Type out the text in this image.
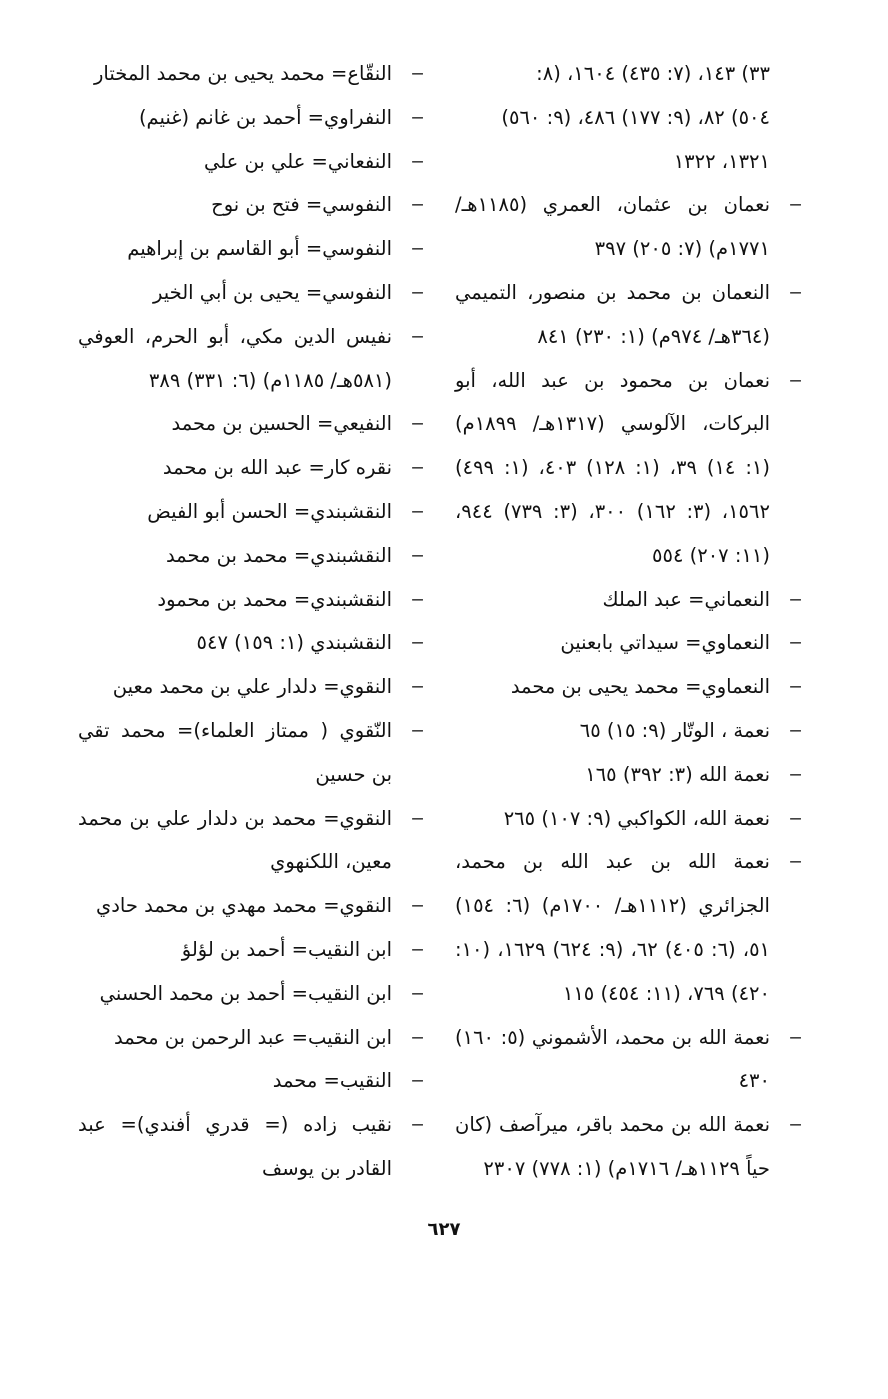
۳۳) ۱٤۳، (۷: ٤۳٥) ۱٦۰٤، (۸:
٥۰٤) ۸۲، (۹: ۱۷۷) ٤۸٦، (۹: ٥٦۰)
۱۳۲۱، ۱۳۲۲

–
نعمان بن عثمان، العمري (۱۱۸٥هـ/ ۱۷۷۱م) (۷: ۲۰٥) ۳۹۷

–
النعمان بن محمد بن منصور، التميمي (۳٦٤هـ/ ۹۷٤م) (۱: ۲۳۰) ۸٤۱

–
نعمان بن محمود بن عبد الله، أبو البركات، الآلوسي (۱۳۱۷هـ/ ۱۸۹۹م) (۱: ۱٤) ۳۹، (۱: ۱۲۸) ٤۰۳، (۱: ٤۹۹) ۱٥٦۲، (۳: ۱٦۲) ۳۰۰، (۳: ۷۳۹) ۹٤٤، (۱۱: ۲۰۷) ٥٥٤

–
النعماني= عبد الملك

–
النعماوي= سيداتي بابعنين

–
النعماوي= محمد يحيى بن محمد

–
نعمة ، الوتّار (۹: ۱٥) ٦٥

–
نعمة الله (۳: ۳۹۲) ۱٦٥

–
نعمة الله، الكواكبي (۹: ۱۰۷) ۲٦٥

–
نعمة الله بن عبد الله بن محمد، الجزائري (۱۱۱۲هـ/ ۱۷۰۰م) (٦: ۱٥٤) ٥۱، (٦: ٤۰٥) ٦۲، (۹: ٦۲٤) ۱٦۲۹، (۱۰: ٤۲۰) ۷٦۹، (۱۱: ٤٥٤) ۱۱٥

–
نعمة الله بن محمد، الأشموني (٥: ۱٦۰) ٤۳۰

–
نعمة الله بن محمد باقر، ميرآصف (كان حياً ۱۱۲۹هـ/ ۱۷۱٦م) (۱: ۷۷۸) ۲۳۰۷

–
النقّاع= محمد يحيى بن محمد المختار

–
النفراوي= أحمد بن غانم (غنيم)

–
النفعاني= علي بن علي

–
النفوسي= فتح بن نوح

–
النفوسي= أبو القاسم بن إبراهيم

–
النفوسي= يحيى بن أبي الخير

–
نفيس الدين مكي، أبو الحرم، العوفي (٥۸۱هـ/ ۱۱۸٥م) (٦: ۳۳۱) ۳۸۹

–
النفيعي= الحسين بن محمد

–
نقره كار= عبد الله بن محمد

–
النقشبندي= الحسن أبو الفيض

–
النقشبندي= محمد بن محمد

–
النقشبندي= محمد بن محمود

–
النقشبندي (۱: ۱٥۹) ٥٤۷

–
النقوي= دلدار علي بن محمد معين

–
النّقوي ( ممتاز العلماء)= محمد تقي بن حسين

–
النقوي= محمد بن دلدار علي بن محمد معين، اللكنهوي

–
النقوي= محمد مهدي بن محمد حادي

–
ابن النقيب= أحمد بن لؤلؤ

–
ابن النقيب= أحمد بن محمد الحسني

–
ابن النقيب= عبد الرحمن بن محمد

–
النقيب= محمد

–
نقيب زاده (= قدري أفندي)= عبد القادر بن يوسف

٦۲۷
